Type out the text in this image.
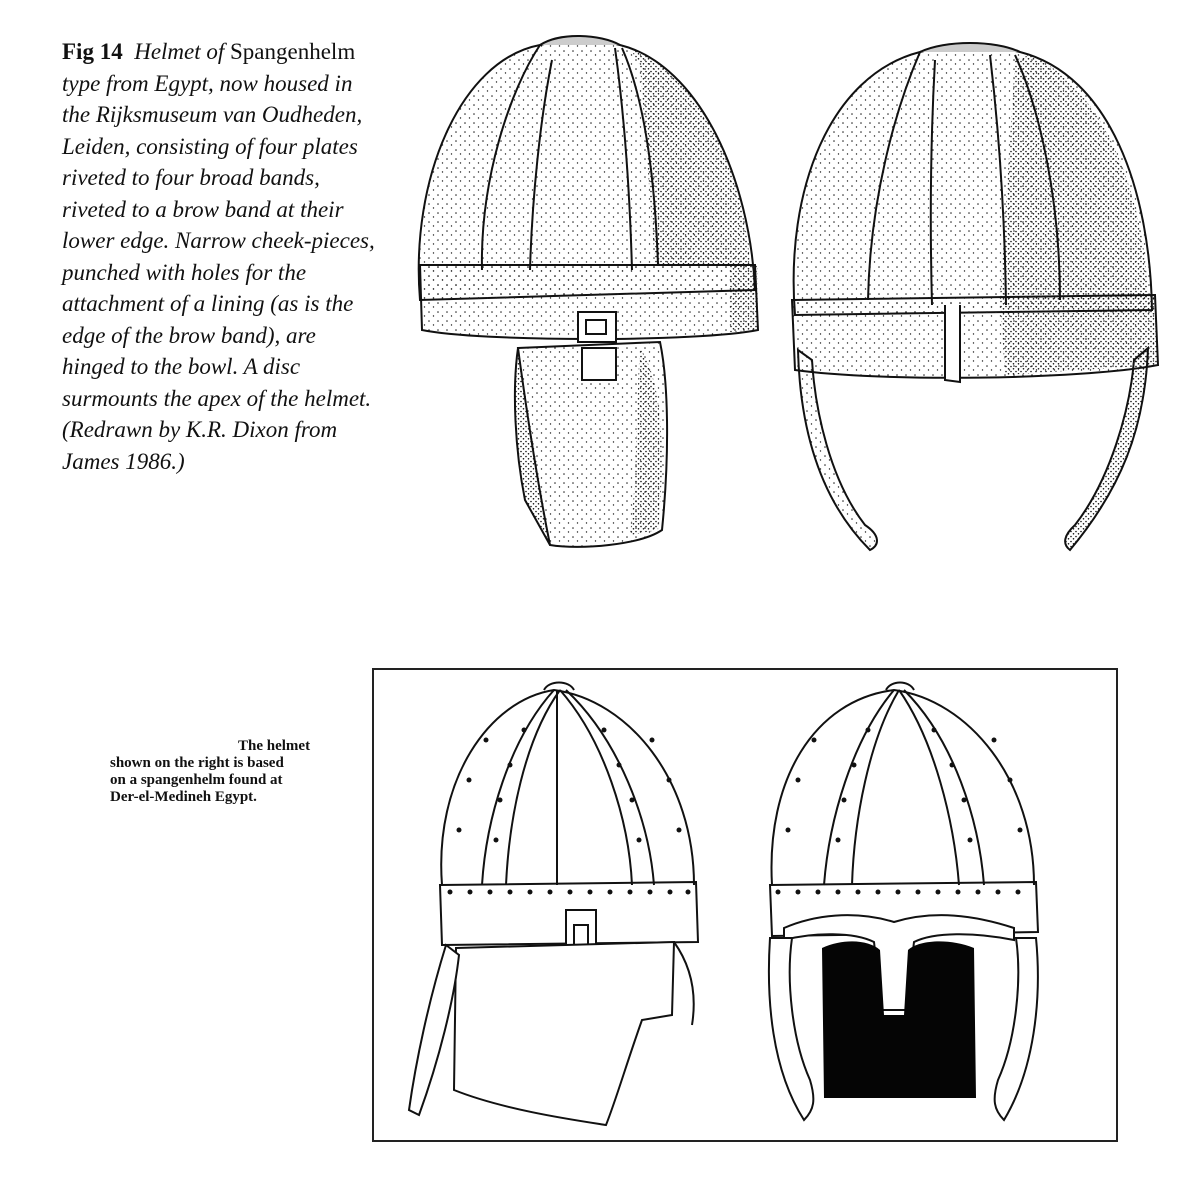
Fig 14 Helmet of Spangenhelm type from Egypt, now housed in the Rijksmuseum van Oudheden, Leiden, consisting of four plates riveted to four broad bands, riveted to a brow band at their lower edge. Narrow cheek-pieces, punched with holes for the attachment of a lining (as is the edge of the brow band), are hinged to the bowl. A disc surmounts the apex of the helmet. (Redrawn by K.R. Dixon from James 1986.)
The helmet
shown on the right is based
on a spangenhelm found at
Der-el-Medineh Egypt.
